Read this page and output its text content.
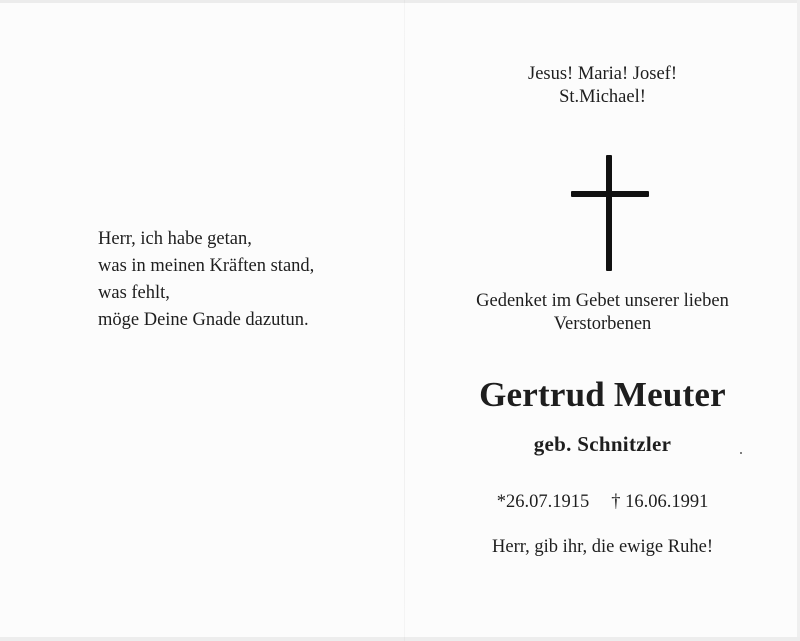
Herr, ich habe getan,
was in meinen Kräften stand,
was fehlt,
möge Deine Gnade dazutun.
Jesus! Maria! Josef!
St.Michael!
Gedenket im Gebet unserer lieben
Verstorbenen
Gertrud Meuter
geb. Schnitzler
*26.07.1915 † 16.06.1991
Herr, gib ihr, die ewige Ruhe!
